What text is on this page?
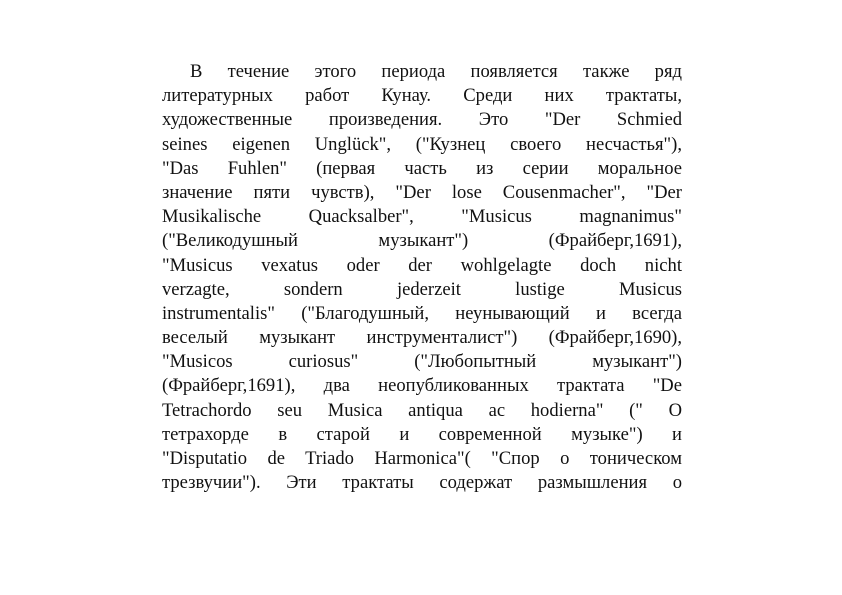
В течение этого периода появляется также ряд
литературных работ Кунау. Среди них трактаты,
художественные произведения. Это "Der Schmied
seines eigenen Unglück", ("Кузнец своего несчастья"),
"Das Fuhlen" (первая часть из серии моральное
значение пяти чувств), "Der lose Cousenmacher", "Der
Musikalische Quacksalber", "Musicus magnanimus"
("Великодушный музыкант") (Фрайберг,1691),
"Musicus vexatus oder der wohlgelagte doch nicht
verzagte, sondern jederzeit lustige Musicus
instrumentalis" ("Благодушный, неунывающий и всегда
веселый музыкант инструменталист") (Фрайберг,1690),
"Musicos curiosus" ("Любопытный музыкант")
(Фрайберг,1691), два неопубликованных трактата "De
Tetrachordo seu Musica antiqua ac hodierna" (" О
тетрахорде в старой и современной музыке") и
"Disputatio de Triado Harmonica"( "Спор о тоническом
трезвучии"). Эти трактаты содержат размышления о
